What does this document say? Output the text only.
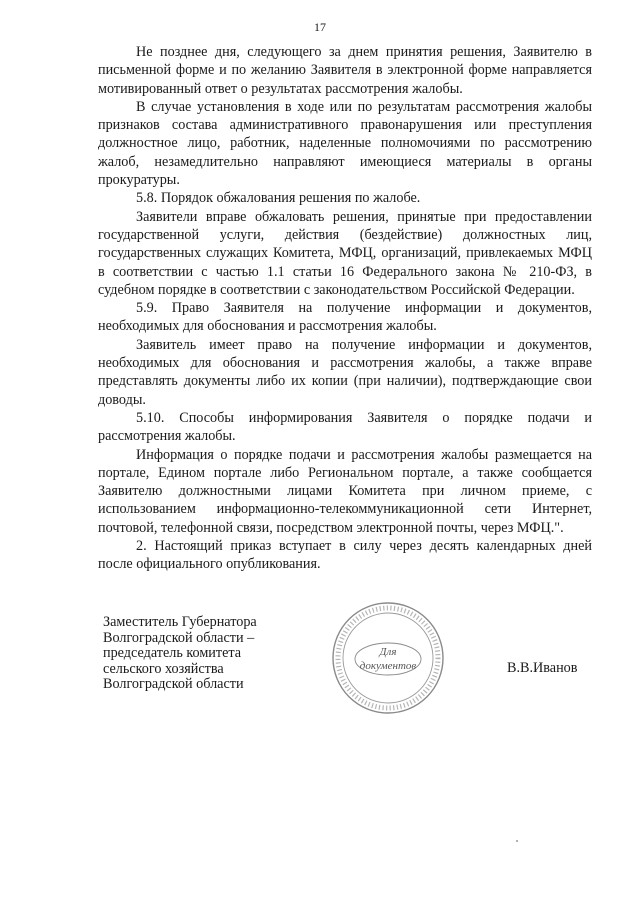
17

Не позднее дня, следующего за днем принятия решения, Заявителю в письменной форме и по желанию Заявителя в электронной форме направляется мотивированный ответ о результатах рассмотрения жалобы.

В случае установления в ходе или по результатам рассмотрения жалобы признаков состава административного правонарушения или преступления должностное лицо, работник, наделенные полномочиями по рассмотрению жалоб, незамедлительно направляют имеющиеся материалы в органы прокуратуры.

5.8. Порядок обжалования решения по жалобе.

Заявители вправе обжаловать решения, принятые при предоставлении государственной услуги, действия (бездействие) должностных лиц, государственных служащих Комитета, МФЦ, организаций, привлекаемых МФЦ в соответствии с частью 1.1 статьи 16 Федерального закона № 210-ФЗ, в судебном порядке в соответствии с законодательством Российской Федерации.

5.9. Право Заявителя на получение информации и документов, необходимых для обоснования и рассмотрения жалобы.

Заявитель имеет право на получение информации и документов, необходимых для обоснования и рассмотрения жалобы, а также вправе представлять документы либо их копии (при наличии), подтверждающие свои доводы.

5.10. Способы информирования Заявителя о порядке подачи и рассмотрения жалобы.

Информация о порядке подачи и рассмотрения жалобы размещается на портале, Едином портале либо Региональном портале, а также сообщается Заявителю должностными лицами Комитета при личном приеме, с использованием информационно-телекоммуникационной сети Интернет, почтовой, телефонной связи, посредством электронной почты, через МФЦ.".

2. Настоящий приказ вступает в силу через десять календарных дней после официального опубликования.

Заместитель Губернатора
Волгоградской области –
председатель комитета
сельского хозяйства
Волгоградской области
В.В.Иванов
Для
документов
